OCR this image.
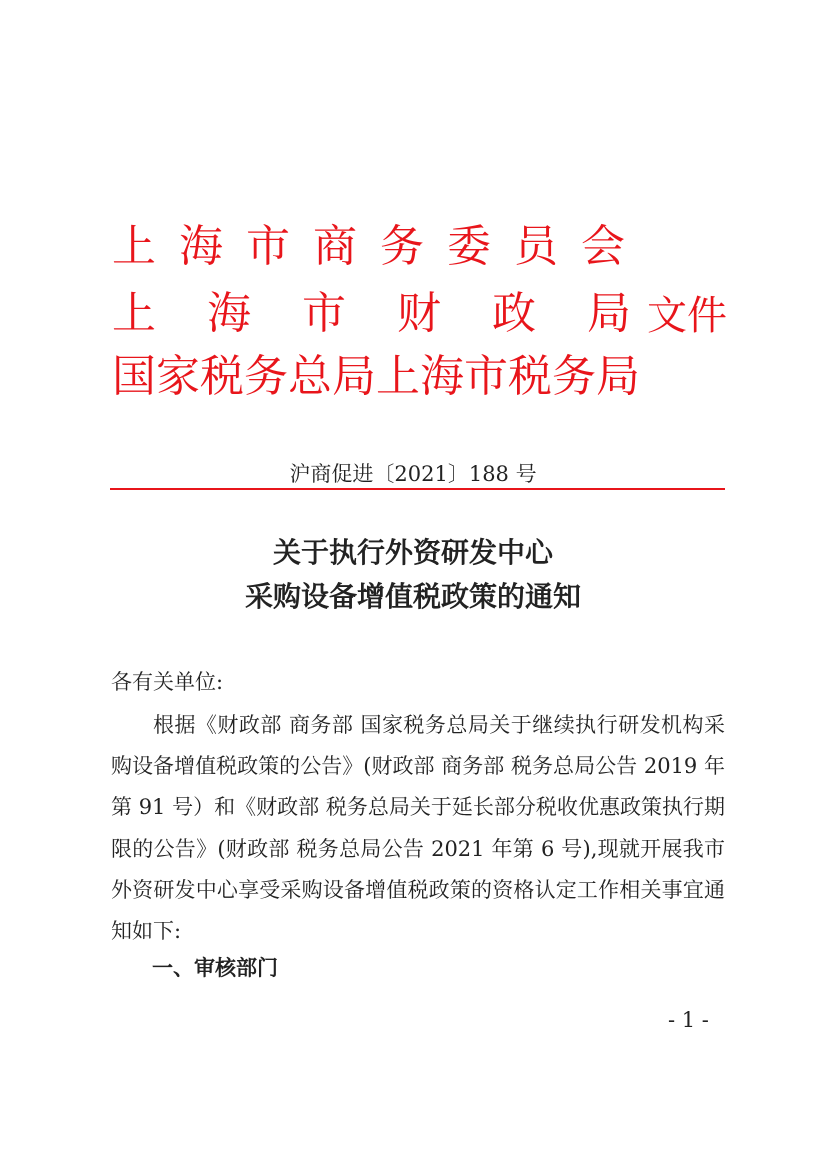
上 海 市 商 务 委 员 会
上 海 市 财 政 局
国家税务总局上海市税务局
文件
沪商促进〔2021〕188 号
关于执行外资研发中心
采购设备增值税政策的通知
各有关单位:
根据《财政部 商务部 国家税务总局关于继续执行研发机构采购设备增值税政策的公告》(财政部 商务部 税务总局公告 2019 年第 91 号）和《财政部 税务总局关于延长部分税收优惠政策执行期限的公告》(财政部 税务总局公告 2021 年第 6 号),现就开展我市外资研发中心享受采购设备增值税政策的资格认定工作相关事宜通知如下:
一、审核部门
- 1 -
